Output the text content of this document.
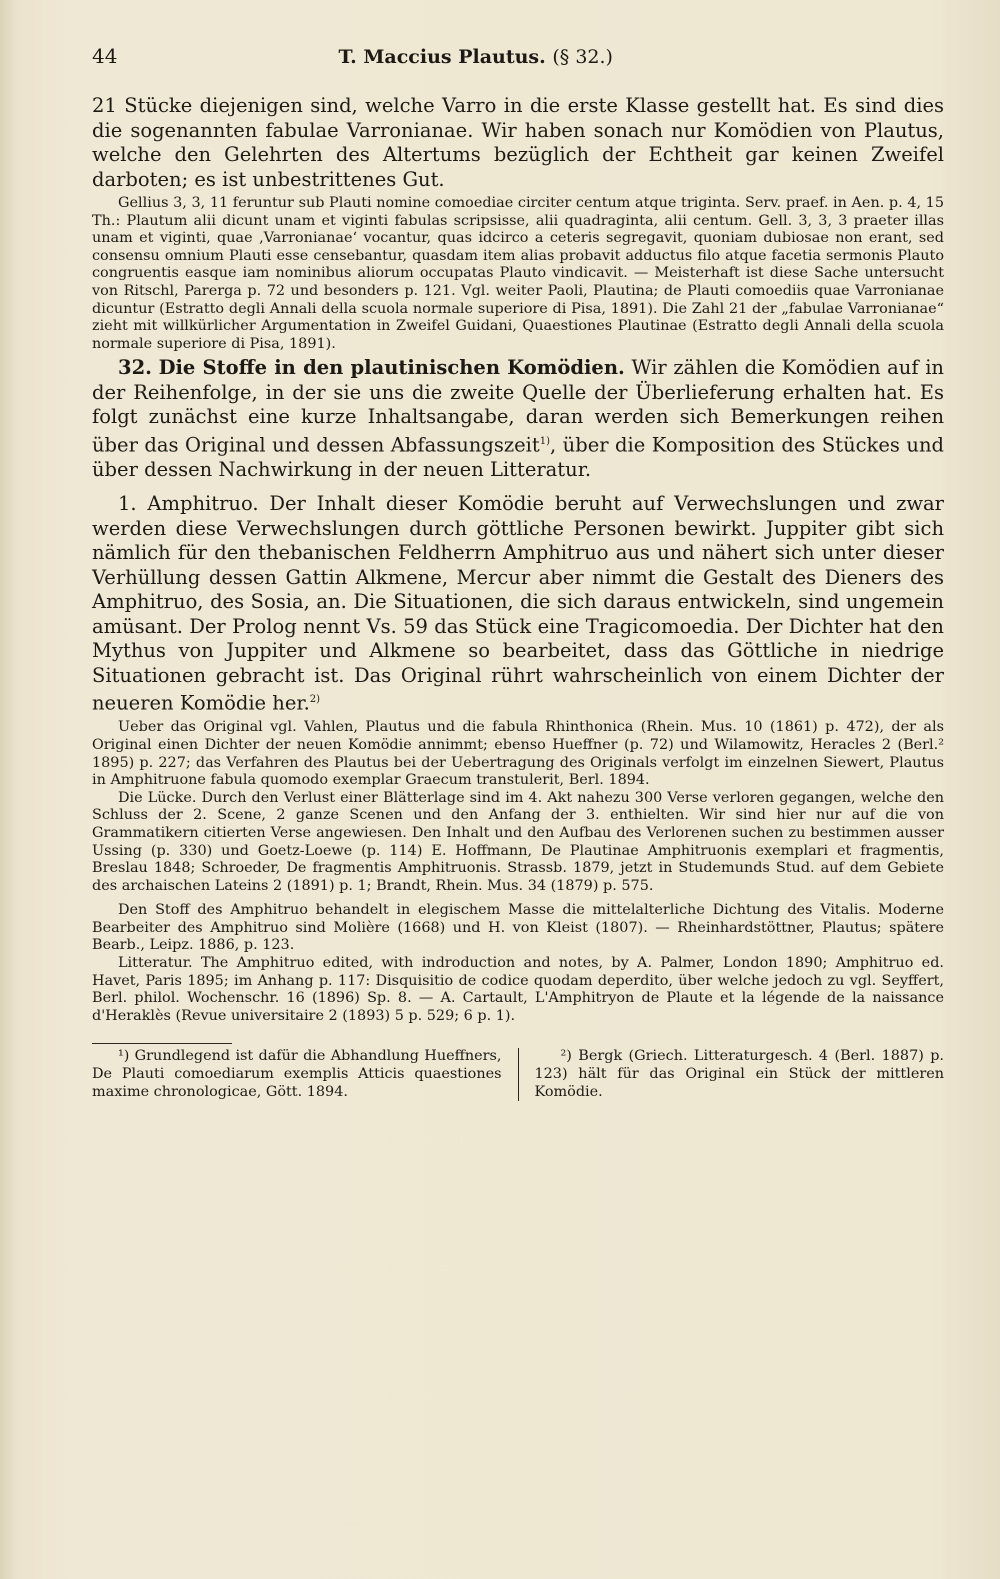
44	T. Maccius Plautus. (§ 32.)

21 Stücke diejenigen sind, welche Varro in die erste Klasse gestellt hat. Es sind dies die sogenannten fabulae Varronianae. Wir haben sonach nur Komödien von Plautus, welche den Gelehrten des Altertums bezüglich der Echtheit gar keinen Zweifel darboten; es ist unbestrittenes Gut.

Gellius 3, 3, 11 feruntur sub Plauti nomine comoediae circiter centum atque triginta. Serv. praef. in Aen. p. 4, 15 Th.: Plautum alii dicunt unam et viginti fabulas scripsisse, alii quadraginta, alii centum. Gell. 3, 3, 3 praeter illas unam et viginti, quae ‚Varronianae‘ vocantur, quas idcirco a ceteris segregavit, quoniam dubiosae non erant, sed consensu omnium Plauti esse censebantur, quasdam item alias probavit adductus filo atque facetia sermonis Plauto congruentis easque iam nominibus aliorum occupatas Plauto vindicavit. — Meisterhaft ist diese Sache untersucht von Ritschl, Parerga p. 72 und besonders p. 121. Vgl. weiter Paoli, Plautina; de Plauti comoediis quae Varronianae dicuntur (Estratto degli Annali della scuola normale superiore di Pisa, 1891). Die Zahl 21 der „fabulae Varronianae“ zieht mit willkürlicher Argumentation in Zweifel Guidani, Quaestiones Plautinae (Estratto degli Annali della scuola normale superiore di Pisa, 1891).

32. Die Stoffe in den plautinischen Komödien. Wir zählen die Komödien auf in der Reihenfolge, in der sie uns die zweite Quelle der Überlieferung erhalten hat. Es folgt zunächst eine kurze Inhaltsangabe, daran werden sich Bemerkungen reihen über das Original und dessen Abfassungszeit$^{1)}$, über die Komposition des Stückes und über dessen Nachwirkung in der neuen Litteratur.

1. Amphitruo. Der Inhalt dieser Komödie beruht auf Verwechslungen und zwar werden diese Verwechslungen durch göttliche Personen bewirkt. Juppiter gibt sich nämlich für den thebanischen Feldherrn Amphitruo aus und nähert sich unter dieser Verhüllung dessen Gattin Alkmene, Mercur aber nimmt die Gestalt des Dieners des Amphitruo, des Sosia, an. Die Situationen, die sich daraus entwickeln, sind ungemein amüsant. Der Prolog nennt Vs. 59 das Stück eine Tragicomoedia. Der Dichter hat den Mythus von Juppiter und Alkmene so bearbeitet, dass das Göttliche in niedrige Situationen gebracht ist. Das Original rührt wahrscheinlich von einem Dichter der neueren Komödie her.$^{2)}$

Ueber das Original vgl. Vahlen, Plautus und die fabula Rhinthonica (Rhein. Mus. 10 (1861) p. 472), der als Original einen Dichter der neuen Komödie annimmt; ebenso Hueffner (p. 72) und Wilamowitz, Heracles 2 (Berl.² 1895) p. 227; das Verfahren des Plautus bei der Uebertragung des Originals verfolgt im einzelnen Siewert, Plautus in Amphitruone fabula quomodo exemplar Graecum transtulerit, Berl. 1894.

Die Lücke. Durch den Verlust einer Blätterlage sind im 4. Akt nahezu 300 Verse verloren gegangen, welche den Schluss der 2. Scene, 2 ganze Scenen und den Anfang der 3. enthielten. Wir sind hier nur auf die von Grammatikern citierten Verse angewiesen. Den Inhalt und den Aufbau des Verlorenen suchen zu bestimmen ausser Ussing (p. 330) und Goetz-Loewe (p. 114) E. Hoffmann, De Plautinae Amphitruonis exemplari et fragmentis, Breslau 1848; Schroeder, De fragmentis Amphitruonis. Strassb. 1879, jetzt in Studemunds Stud. auf dem Gebiete des archaischen Lateins 2 (1891) p. 1; Brandt, Rhein. Mus. 34 (1879) p. 575.

Den Stoff des Amphitruo behandelt in elegischem Masse die mittelalterliche Dichtung des Vitalis. Moderne Bearbeiter des Amphitruo sind Molière (1668) und H. von Kleist (1807). — Rheinhardstöttner, Plautus; spätere Bearb., Leipz. 1886, p. 123.

Litteratur. The Amphitruo edited, with indroduction and notes, by A. Palmer, London 1890; Amphitruo ed. Havet, Paris 1895; im Anhang p. 117: Disquisitio de codice quodam deperdito, über welche jedoch zu vgl. Seyffert, Berl. philol. Wochenschr. 16 (1896) Sp. 8. — A. Cartault, L'Amphitryon de Plaute et la légende de la naissance d'Heraklès (Revue universitaire 2 (1893) 5 p. 529; 6 p. 1).

¹) Grundlegend ist dafür die Abhandlung Hueffners, De Plauti comoediarum exemplis Atticis quaestiones maxime chronologicae, Gött. 1894.

²) Bergk (Griech. Litteraturgesch. 4 (Berl. 1887) p. 123) hält für das Original ein Stück der mittleren Komödie.
